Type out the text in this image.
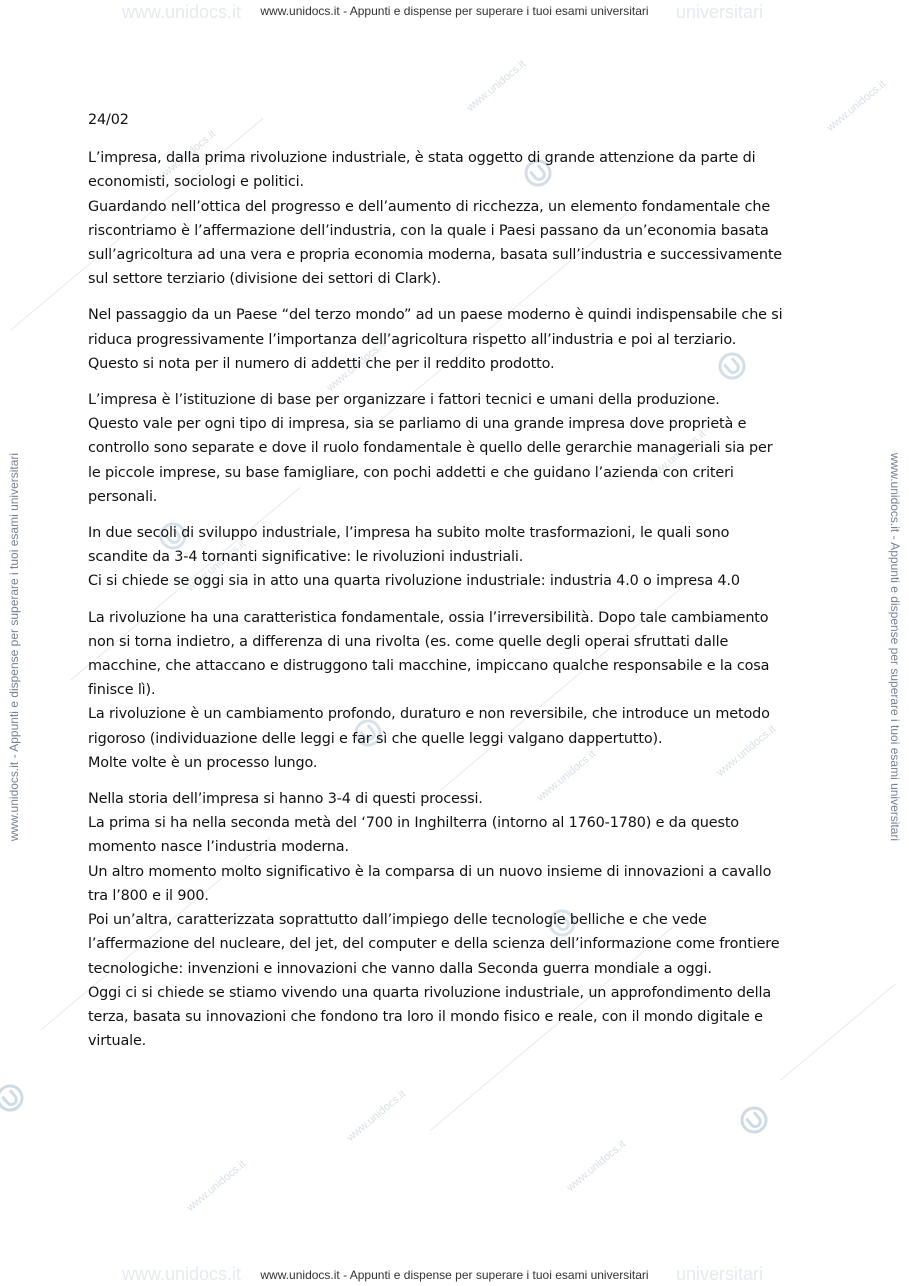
www.unidocs.it	universitari
www.unidocs.it	universitari
www.unidocs.it - Appunti e dispense per superare i tuoi esami universitari
www.unidocs.it - Appunti e dispense per superare i tuoi esami universitari
www.unidocs.it - Appunti e dispense per superare i tuoi esami universitari	www.unidocs.it - Appunti e dispense per superare i tuoi esami universitari
www.unidocs.it
www.unidocs.it
www.unidocs.it
www.unidocs.it
www.unidocs.it
www.unidocs.it
www.unidocs.it	www.unidocs.it
www.unidocs.it
www.unidocs.it
www.unidocs.it
24/02
L’impresa, dalla prima rivoluzione industriale, è stata oggetto di grande attenzione da parte di
economisti, sociologi e politici.
Guardando nell’ottica del progresso e dell’aumento di ricchezza, un elemento fondamentale che
riscontriamo è l’affermazione dell’industria, con la quale i Paesi passano da un’economia basata
sull’agricoltura ad una vera e propria economia moderna, basata sull’industria e successivamente
sul settore terziario (divisione dei settori di Clark).
Nel passaggio da un Paese “del terzo mondo” ad un paese moderno è quindi indispensabile che si
riduca progressivamente l’importanza dell’agricoltura rispetto all’industria e poi al terziario.
Questo si nota per il numero di addetti che per il reddito prodotto.
L’impresa è l’istituzione di base per organizzare i fattori tecnici e umani della produzione.
Questo vale per ogni tipo di impresa, sia se parliamo di una grande impresa dove proprietà e
controllo sono separate e dove il ruolo fondamentale è quello delle gerarchie manageriali sia per
le piccole imprese, su base famigliare, con pochi addetti e che guidano l’azienda con criteri
personali.
In due secoli di sviluppo industriale, l’impresa ha subito molte trasformazioni, le quali sono
scandite da 3-4 tornanti significative: le rivoluzioni industriali.
Ci si chiede se oggi sia in atto una quarta rivoluzione industriale: industria 4.0 o impresa 4.0
La rivoluzione ha una caratteristica fondamentale, ossia l’irreversibilità. Dopo tale cambiamento
non si torna indietro, a differenza di una rivolta (es. come quelle degli operai sfruttati dalle
macchine, che attaccano e distruggono tali macchine, impiccano qualche responsabile e la cosa
finisce lì).
La rivoluzione è un cambiamento profondo, duraturo e non reversibile, che introduce un metodo
rigoroso (individuazione delle leggi e far sì che quelle leggi valgano dappertutto).
Molte volte è un processo lungo.
Nella storia dell’impresa si hanno 3-4 di questi processi.
La prima si ha nella seconda metà del ‘700 in Inghilterra (intorno al 1760-1780) e da questo
momento nasce l’industria moderna.
Un altro momento molto significativo è la comparsa di un nuovo insieme di innovazioni a cavallo
tra l’800 e il 900.
Poi un’altra, caratterizzata soprattutto dall’impiego delle tecnologie belliche e che vede
l’affermazione del nucleare, del jet, del computer e della scienza dell’informazione come frontiere
tecnologiche: invenzioni e innovazioni che vanno dalla Seconda guerra mondiale a oggi.
Oggi ci si chiede se stiamo vivendo una quarta rivoluzione industriale, un approfondimento della
terza, basata su innovazioni che fondono tra loro il mondo fisico e reale, con il mondo digitale e
virtuale.
